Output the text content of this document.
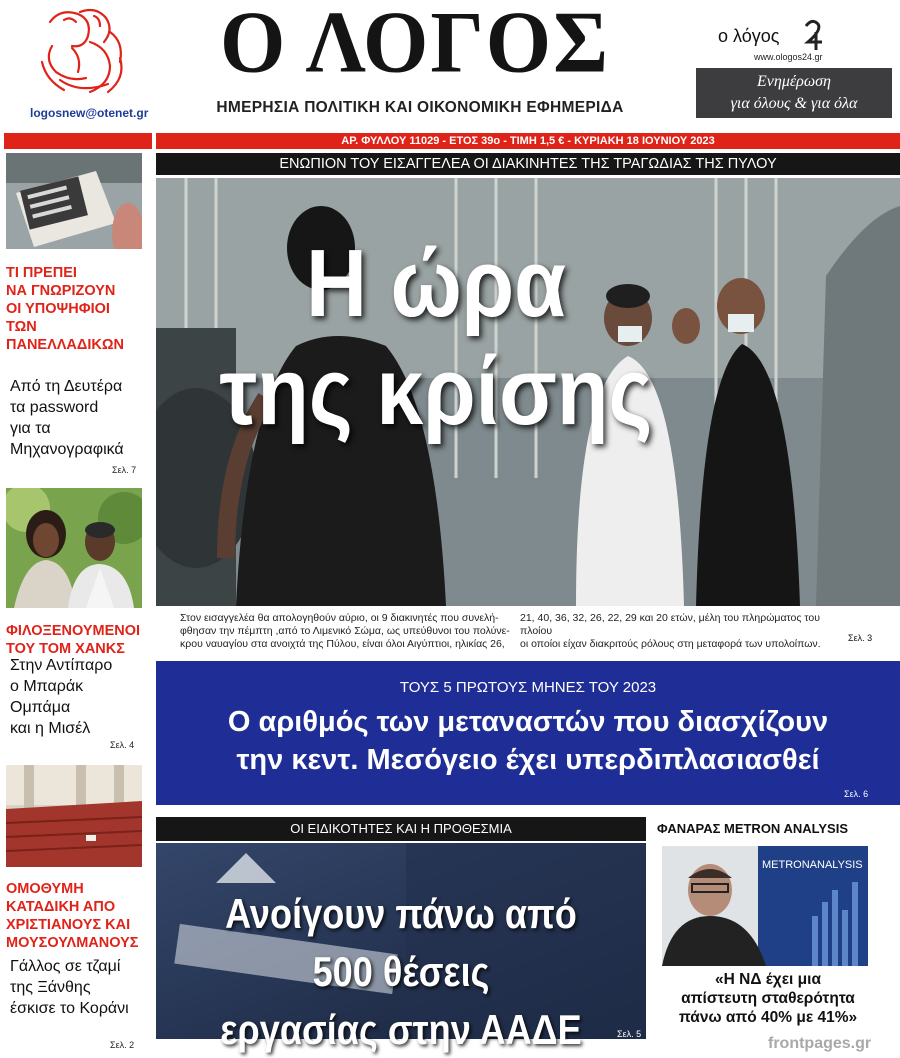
logosnew@otenet.gr
Ο ΛΟΓΟΣ
ΗΜΕΡΗΣΙΑ ΠΟΛΙΤΙΚΗ ΚΑΙ ΟΙΚΟΝΟΜΙΚΗ ΕΦΗΜΕΡΙΔΑ
ο λόγος
www.ologos24.gr
Ενημέρωση
για όλους & για όλα
ΑΡ. ΦΥΛΛΟΥ 11029 - ΕΤΟΣ 39ο - ΤΙΜΗ 1,5 € - ΚΥΡΙΑΚΗ 18 ΙΟΥΝΙΟΥ 2023
ΤΙ ΠΡΕΠΕΙ
ΝΑ ΓΝΩΡΙΖΟΥΝ
ΟΙ ΥΠΟΨΗΦΙΟΙ
ΤΩΝ
ΠΑΝΕΛΛΑΔΙΚΩΝ
Από τη Δευτέρα
τα password
για τα
Μηχανογραφικά
Σελ. 7
ΦΙΛΟΞΕΝΟΥΜΕΝΟΙ
ΤΟΥ ΤΟΜ ΧΑΝΚΣ
Στην Αντίπαρο
ο Μπαράκ
Ομπάμα
και η Μισέλ
Σελ. 4
ΟΜΟΘΥΜΗ
ΚΑΤΑΔΙΚΗ ΑΠΟ
ΧΡΙΣΤΙΑΝΟΥΣ ΚΑΙ
ΜΟΥΣΟΥΛΜΑΝΟΥΣ
Γάλλος σε τζαμί
της Ξάνθης
έσκισε το Κοράνι
Σελ. 2
ΕΝΩΠΙΟΝ ΤΟΥ ΕΙΣΑΓΓΕΛΕΑ ΟΙ ΔΙΑΚΙΝΗΤΕΣ ΤΗΣ ΤΡΑΓΩΔΙΑΣ ΤΗΣ ΠΥΛΟΥ
Η ώρα
της κρίσης
Στον εισαγγελέα θα απολογηθούν αύριο, οι 9 διακινητές που συνελή-
φθησαν την πέμπτη ,από το Λιμενικό Σώμα, ως υπεύθυνοι του πολύνε-
κρου ναυαγίου στα ανοιχτά της Πύλου, είναι όλοι Αιγύπτιοι, ηλικίας 26,
21, 40, 36, 32, 26, 22, 29 και 20 ετών, μέλη του πληρώματος του πλοίου
οι οποίοι είχαν διακριτούς ρόλους στη μεταφορά των υπολοίπων.	Σελ. 3
ΤΟΥΣ 5 ΠΡΩΤΟΥΣ ΜΗΝΕΣ ΤΟΥ 2023
Ο αριθμός των μεταναστών που διασχίζουν
την κεντ. Μεσόγειο έχει υπερδιπλασιασθεί
Σελ. 6
ΟΙ ΕΙΔΙΚΟΤΗΤΕΣ ΚΑΙ Η ΠΡΟΘΕΣΜΙΑ
Ανοίγουν πάνω από 500 θέσεις
εργασίας στην ΑΑΔΕ	Σελ. 5
ΦΑΝΑΡΑΣ METRON ANALYSIS
METRONANALYSIS
«Η ΝΔ έχει μια
απίστευτη σταθερότητα
πάνω από 40% με 41%»
frontpages.gr
